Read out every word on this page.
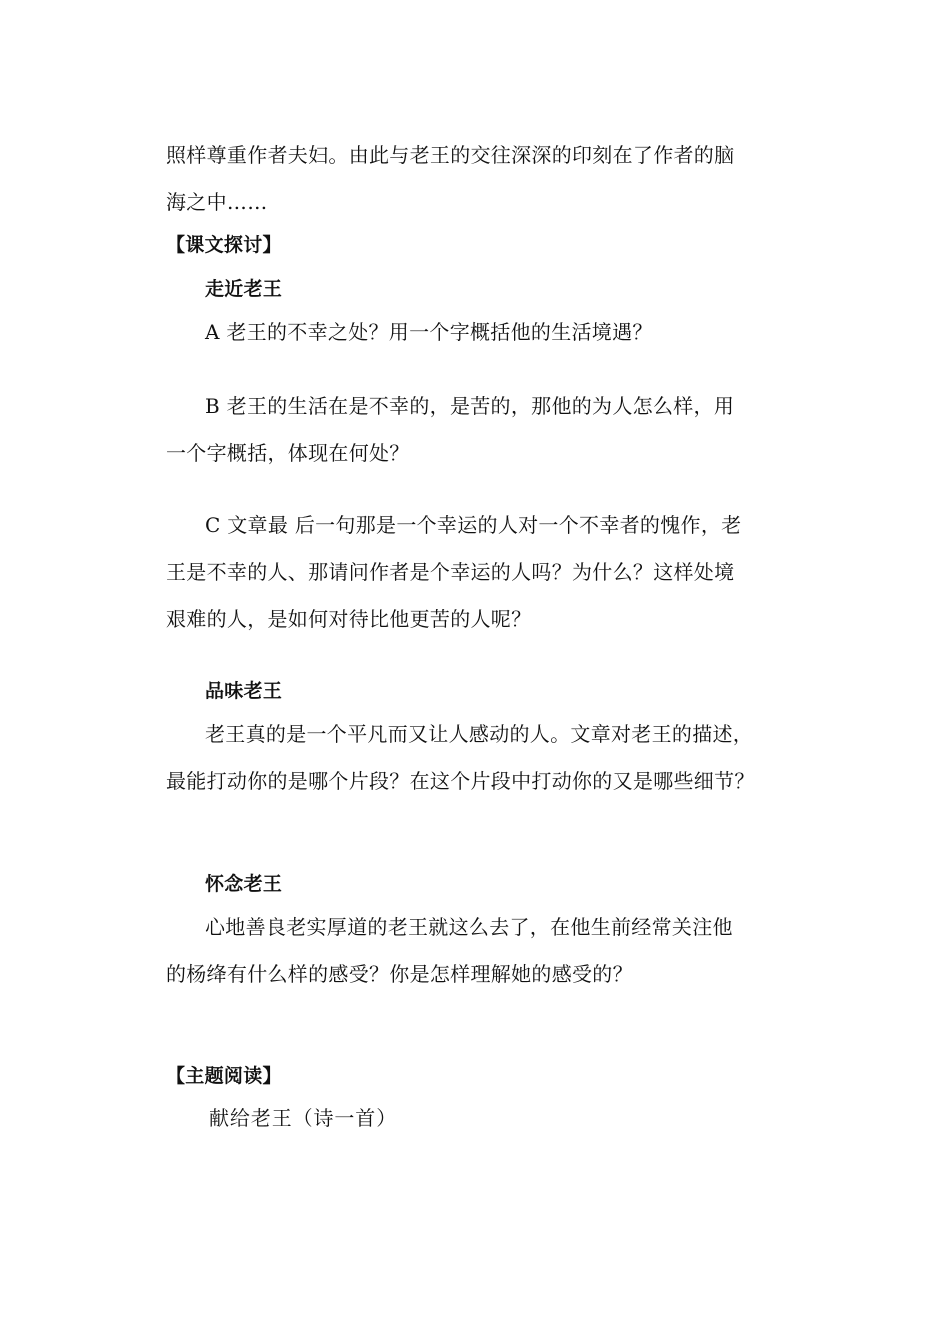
照样尊重作者夫妇。由此与老王的交往深深的印刻在了作者的脑
海之中……
【课文探讨】
走近老王
A 老王的不幸之处？用一个字概括他的生活境遇？
B 老王的生活在是不幸的，是苦的，那他的为人怎么样，用
一个字概括，体现在何处？
C 文章最 后一句那是一个幸运的人对一个不幸者的愧作，老
王是不幸的人、那请问作者是个幸运的人吗？为什么？这样处境
艰难的人，是如何对待比他更苦的人呢？
品味老王
老王真的是一个平凡而又让人感动的人。文章对老王的描述，
最能打动你的是哪个片段？在这个片段中打动你的又是哪些细节？
怀念老王
心地善良老实厚道的老王就这么去了，在他生前经常关注他
的杨绛有什么样的感受？你是怎样理解她的感受的？
【主题阅读】
献给老王（诗一首）
